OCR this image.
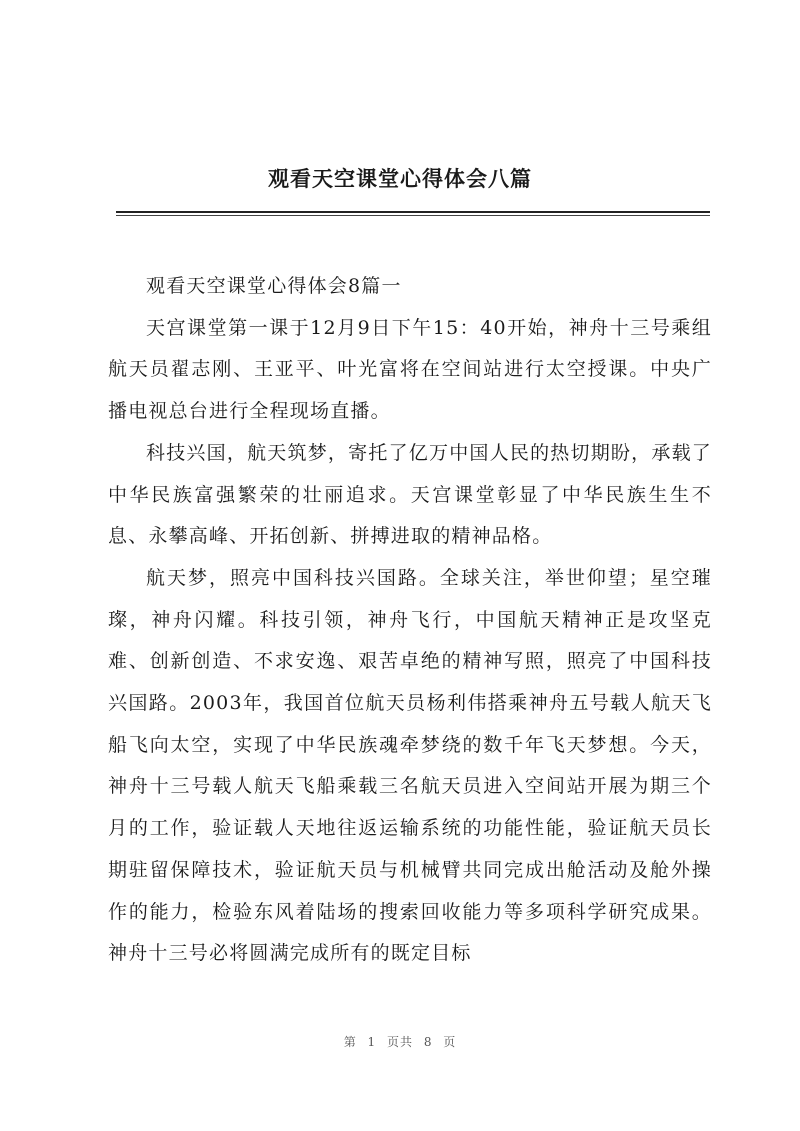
观看天空课堂心得体会八篇

观看天空课堂心得体会8篇一

天宫课堂第一课于12月9日下午15：40开始，神舟十三号乘组航天员翟志刚、王亚平、叶光富将在空间站进行太空授课。中央广播电视总台进行全程现场直播。

科技兴国，航天筑梦，寄托了亿万中国人民的热切期盼，承载了中华民族富强繁荣的壮丽追求。天宫课堂彰显了中华民族生生不息、永攀高峰、开拓创新、拼搏进取的精神品格。

航天梦，照亮中国科技兴国路。全球关注，举世仰望；星空璀璨，神舟闪耀。科技引领，神舟飞行，中国航天精神正是攻坚克难、创新创造、不求安逸、艰苦卓绝的精神写照，照亮了中国科技兴国路。2003年，我国首位航天员杨利伟搭乘神舟五号载人航天飞船飞向太空，实现了中华民族魂牵梦绕的数千年飞天梦想。今天，神舟十三号载人航天飞船乘载三名航天员进入空间站开展为期三个月的工作，验证载人天地往返运输系统的功能性能，验证航天员长期驻留保障技术，验证航天员与机械臂共同完成出舱活动及舱外操作的能力，检验东风着陆场的搜索回收能力等多项科学研究成果。神舟十三号必将圆满完成所有的既定目标

第 1 页共 8 页
